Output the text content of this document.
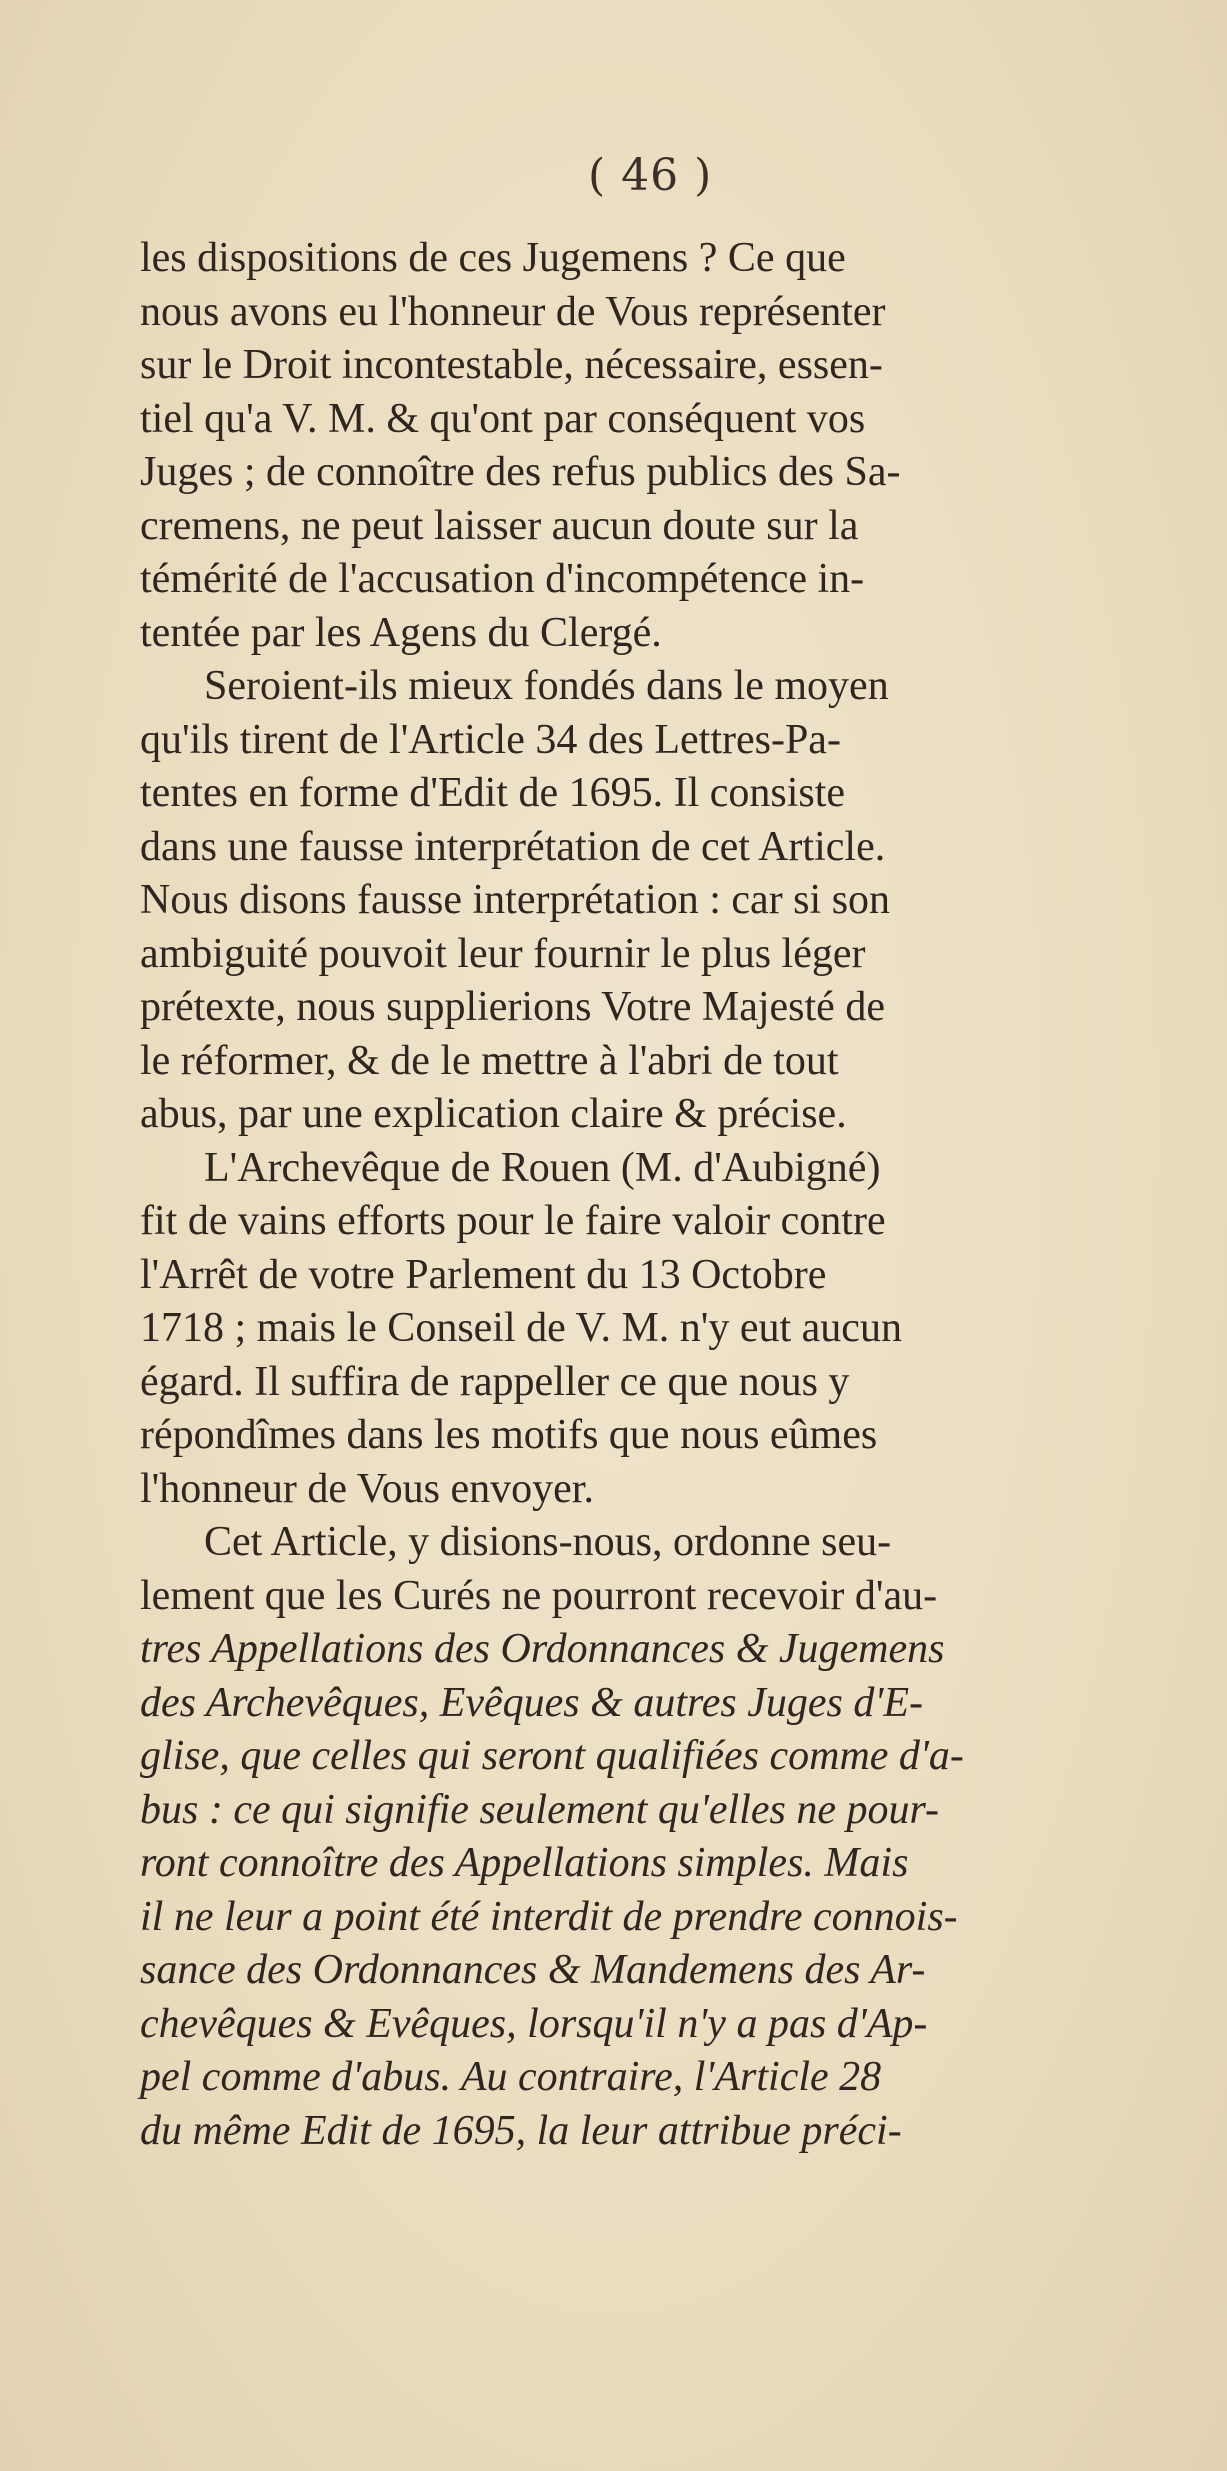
( 46 )
les dispositions de ces Jugemens ? Ce que
nous avons eu l'honneur de Vous représenter
sur le Droit incontestable, nécessaire, essen-
tiel qu'a V. M. & qu'ont par conséquent vos
Juges ; de connoître des refus publics des Sa-
cremens, ne peut laisser aucun doute sur la
témérité de l'accusation d'incompétence in-
tentée par les Agens du Clergé.
Seroient-ils mieux fondés dans le moyen
qu'ils tirent de l'Article 34 des Lettres-Pa-
tentes en forme d'Edit de 1695. Il consiste
dans une fausse interprétation de cet Article.
Nous disons fausse interprétation : car si son
ambiguité pouvoit leur fournir le plus léger
prétexte, nous supplierions Votre Majesté de
le réformer, & de le mettre à l'abri de tout
abus, par une explication claire & précise.
L'Archevêque de Rouen (M. d'Aubigné)
fit de vains efforts pour le faire valoir contre
l'Arrêt de votre Parlement du 13 Octobre
1718 ; mais le Conseil de V. M. n'y eut aucun
égard. Il suffira de rappeller ce que nous y
répondîmes dans les motifs que nous eûmes
l'honneur de Vous envoyer.
Cet Article, y disions-nous, ordonne seu-
lement que les Curés ne pourront recevoir d'au-
tres Appellations des Ordonnances & Jugemens
des Archevêques, Evêques & autres Juges d'E-
glise, que celles qui seront qualifiées comme d'a-
bus : ce qui signifie seulement qu'elles ne pour-
ront connoître des Appellations simples. Mais
il ne leur a point été interdit de prendre connois-
sance des Ordonnances & Mandemens des Ar-
chevêques & Evêques, lorsqu'il n'y a pas d'Ap-
pel comme d'abus. Au contraire, l'Article 28
du même Edit de 1695, la leur attribue préci-
